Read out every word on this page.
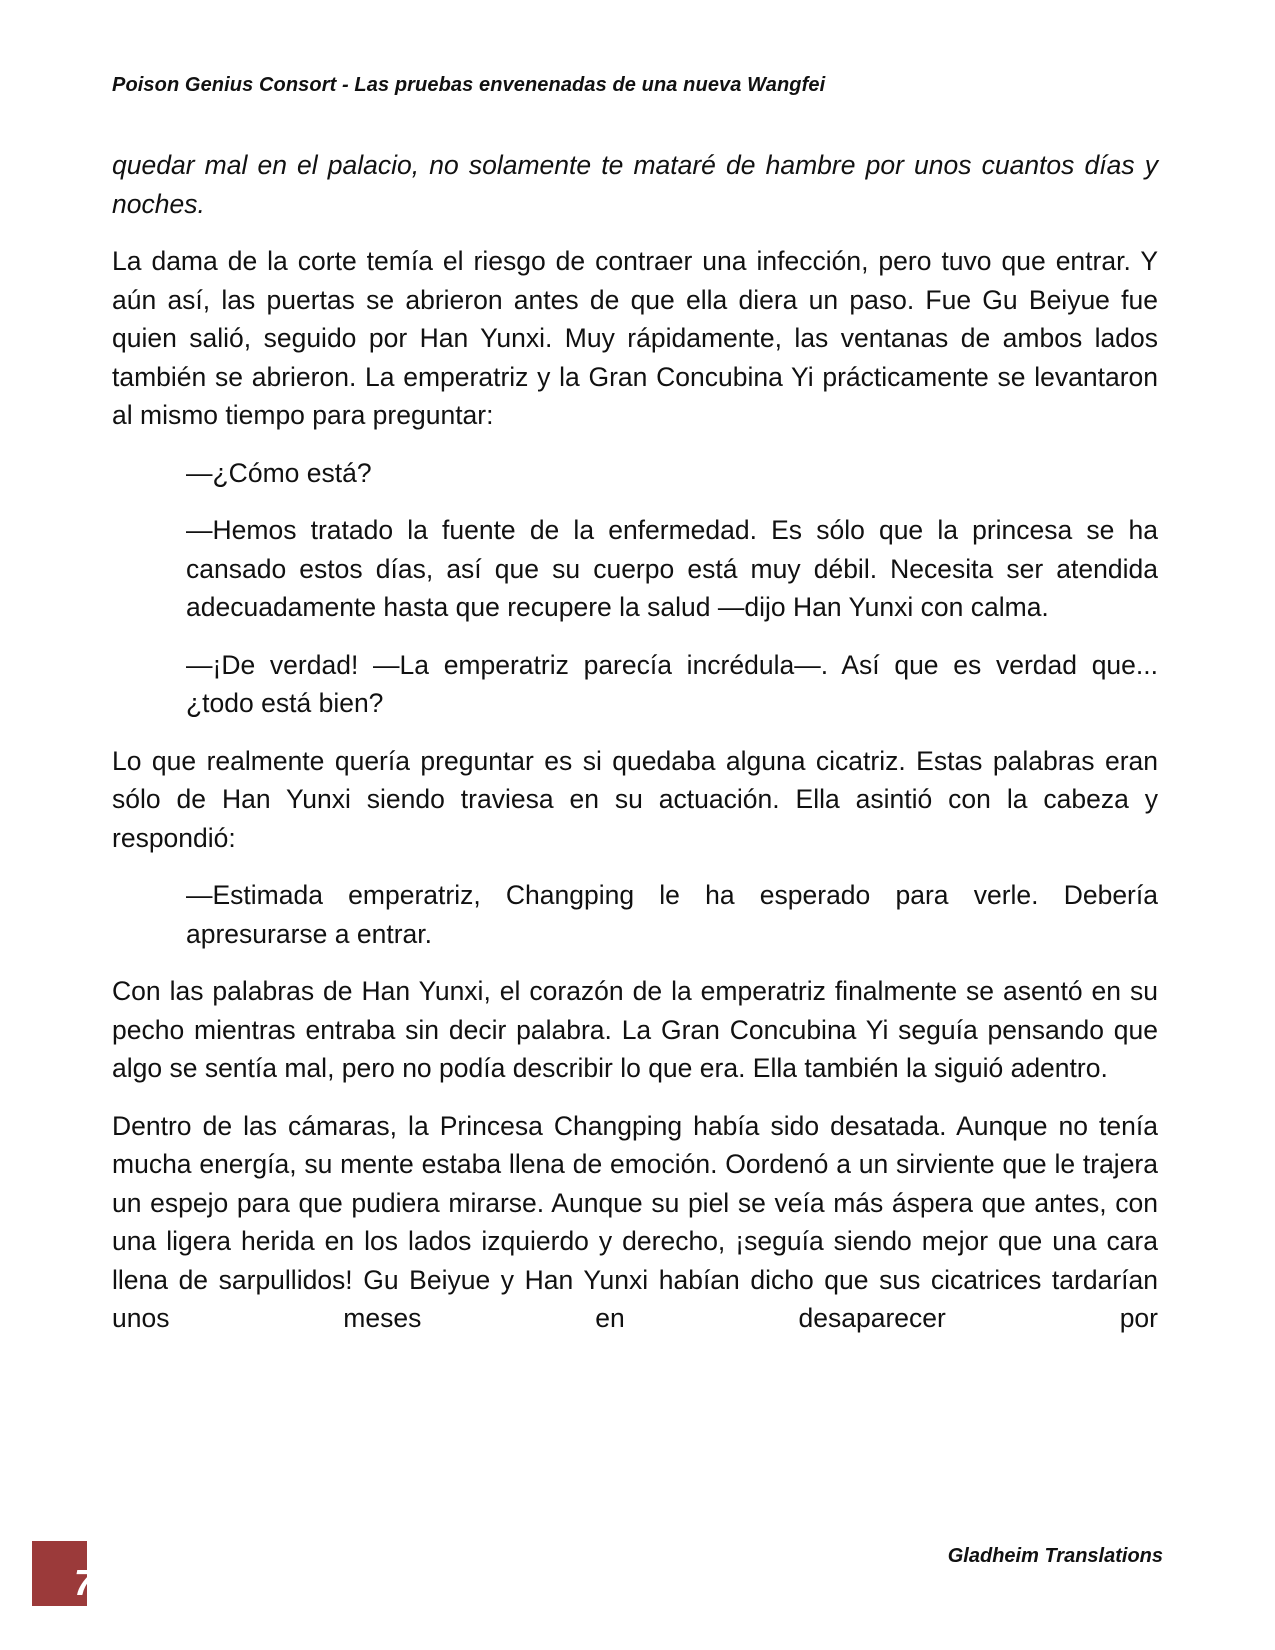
Poison Genius Consort - Las pruebas envenenadas de una nueva Wangfei

quedar mal en el palacio, no solamente te mataré de hambre por unos cuantos días y noches.

La dama de la corte temía el riesgo de contraer una infección, pero tuvo que entrar. Y aún así, las puertas se abrieron antes de que ella diera un paso. Fue Gu Beiyue fue quien salió, seguido por Han Yunxi. Muy rápidamente, las ventanas de ambos lados también se abrieron. La emperatriz y la Gran Concubina Yi prácticamente se levantaron al mismo tiempo para preguntar:

—¿Cómo está?

—Hemos tratado la fuente de la enfermedad. Es sólo que la princesa se ha cansado estos días, así que su cuerpo está muy débil. Necesita ser atendida adecuadamente hasta que recupere la salud —dijo Han Yunxi con calma.

—¡De verdad! —La emperatriz parecía incrédula—. Así que es verdad que... ¿todo está bien?

Lo que realmente quería preguntar es si quedaba alguna cicatriz. Estas palabras eran sólo de Han Yunxi siendo traviesa en su actuación. Ella asintió con la cabeza y respondió:

—Estimada emperatriz, Changping le ha esperado para verle. Debería apresurarse a entrar.

Con las palabras de Han Yunxi, el corazón de la emperatriz finalmente se asentó en su pecho mientras entraba sin decir palabra. La Gran Concubina Yi seguía pensando que algo se sentía mal, pero no podía describir lo que era. Ella también la siguió adentro.

Dentro de las cámaras, la Princesa Changping había sido desatada. Aunque no tenía mucha energía, su mente estaba llena de emoción. Oordenó a un sirviente que le trajera un espejo para que pudiera mirarse. Aunque su piel se veía más áspera que antes, con una ligera herida en los lados izquierdo y derecho, ¡seguía siendo mejor que una cara llena de sarpullidos! Gu Beiyue y Han Yunxi habían dicho que sus cicatrices tardarían unos meses en desaparecer por

7
Gladheim Translations
